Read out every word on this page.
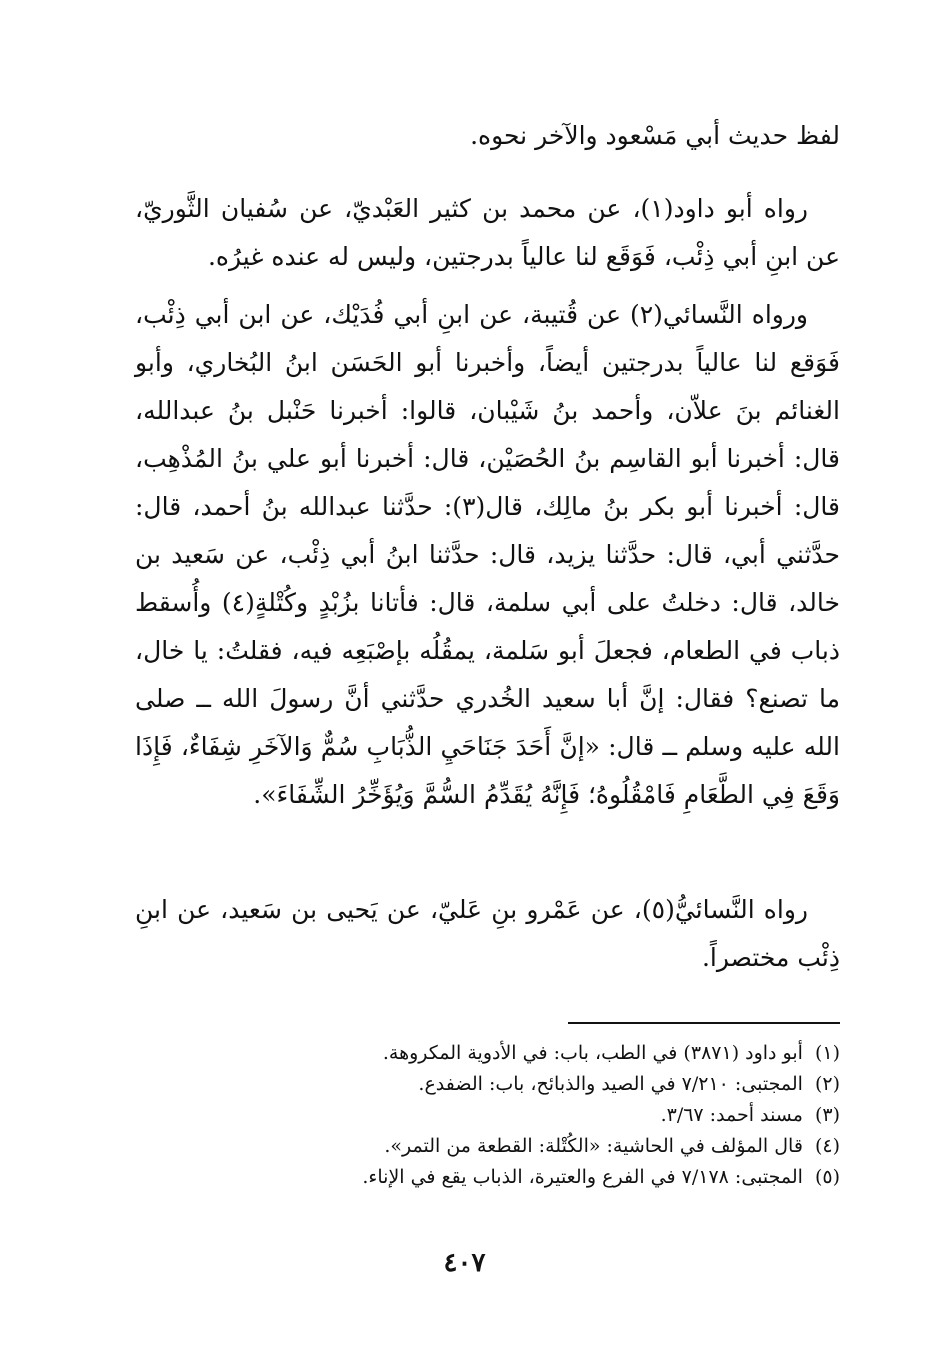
لفظ حديث أبي مَسْعود والآخر نحوه.

رواه أبو داود(١)، عن محمد بن كثير العَبْديّ، عن سُفيان الثَّوريّ، عن ابنِ أبي ذِئْب، فَوَقَع لنا عالياً بدرجتين، وليس له عنده غيرُه.

ورواه النَّسائي(٢) عن قُتيبة، عن ابنِ أبي فُدَيْك، عن ابن أبي ذِئْب، فَوَقع لنا عالياً بدرجتين أيضاً، وأخبرنا أبو الحَسَن ابنُ البُخاري، وأبو الغنائم بنَ علاّن، وأحمد بنُ شَيْبان، قالوا: أخبرنا حَنْبل بنُ عبدالله، قال: أخبرنا أبو القاسِم بنُ الحُصَيْن، قال: أخبرنا أبو علي بنُ المُذْهِب، قال: أخبرنا أبو بكر بنُ مالِك، قال(٣): حدَّثنا عبدالله بنُ أحمد، قال: حدَّثني أبي، قال: حدَّثنا يزيد، قال: حدَّثنا ابنُ أبي ذِئْب، عن سَعيد بن خالد، قال: دخلتُ على أبي سلمة، قال: فأتانا بزُبْدٍ وكُتْلةٍ(٤) وأُسقط ذباب في الطعام، فجعلَ أبو سَلمة، يمقُلُه بإصْبَعِه فيه، فقلتُ: يا خال، ما تصنع؟ فقال: إنَّ أبا سعيد الخُدري حدَّثني أنَّ رسولَ الله ــ صلى الله عليه وسلم ــ قال: «إنَّ أَحَدَ جَنَاحَيِ الذُّبَابِ سُمٌّ وَالآخَرِ شِفَاءٌ، فَإِذَا وَقَعَ فِي الطَّعَامِ فَامْقُلُوهُ؛ فَإِنَّهُ يُقَدِّمُ السُّمَّ وَيُؤَخِّرُ الشِّفَاءَ».

رواه النَّسائيُّ(٥)، عن عَمْرو بنِ عَليّ، عن يَحيى بن سَعيد، عن ابنِ ذِئْب مختصراً.

(١)أبو داود (٣٨٧١) في الطب، باب: في الأدوية المكروهة.
(٢)المجتبى: ٧/٢١٠ في الصيد والذبائح، باب: الضفدع.
(٣)مسند أحمد: ٣/٦٧.
(٤)قال المؤلف في الحاشية: «الكُتْلة: القطعة من التمر».
(٥)المجتبى: ٧/١٧٨ في الفرع والعتيرة، الذباب يقع في الإناء.
٤٠٧
